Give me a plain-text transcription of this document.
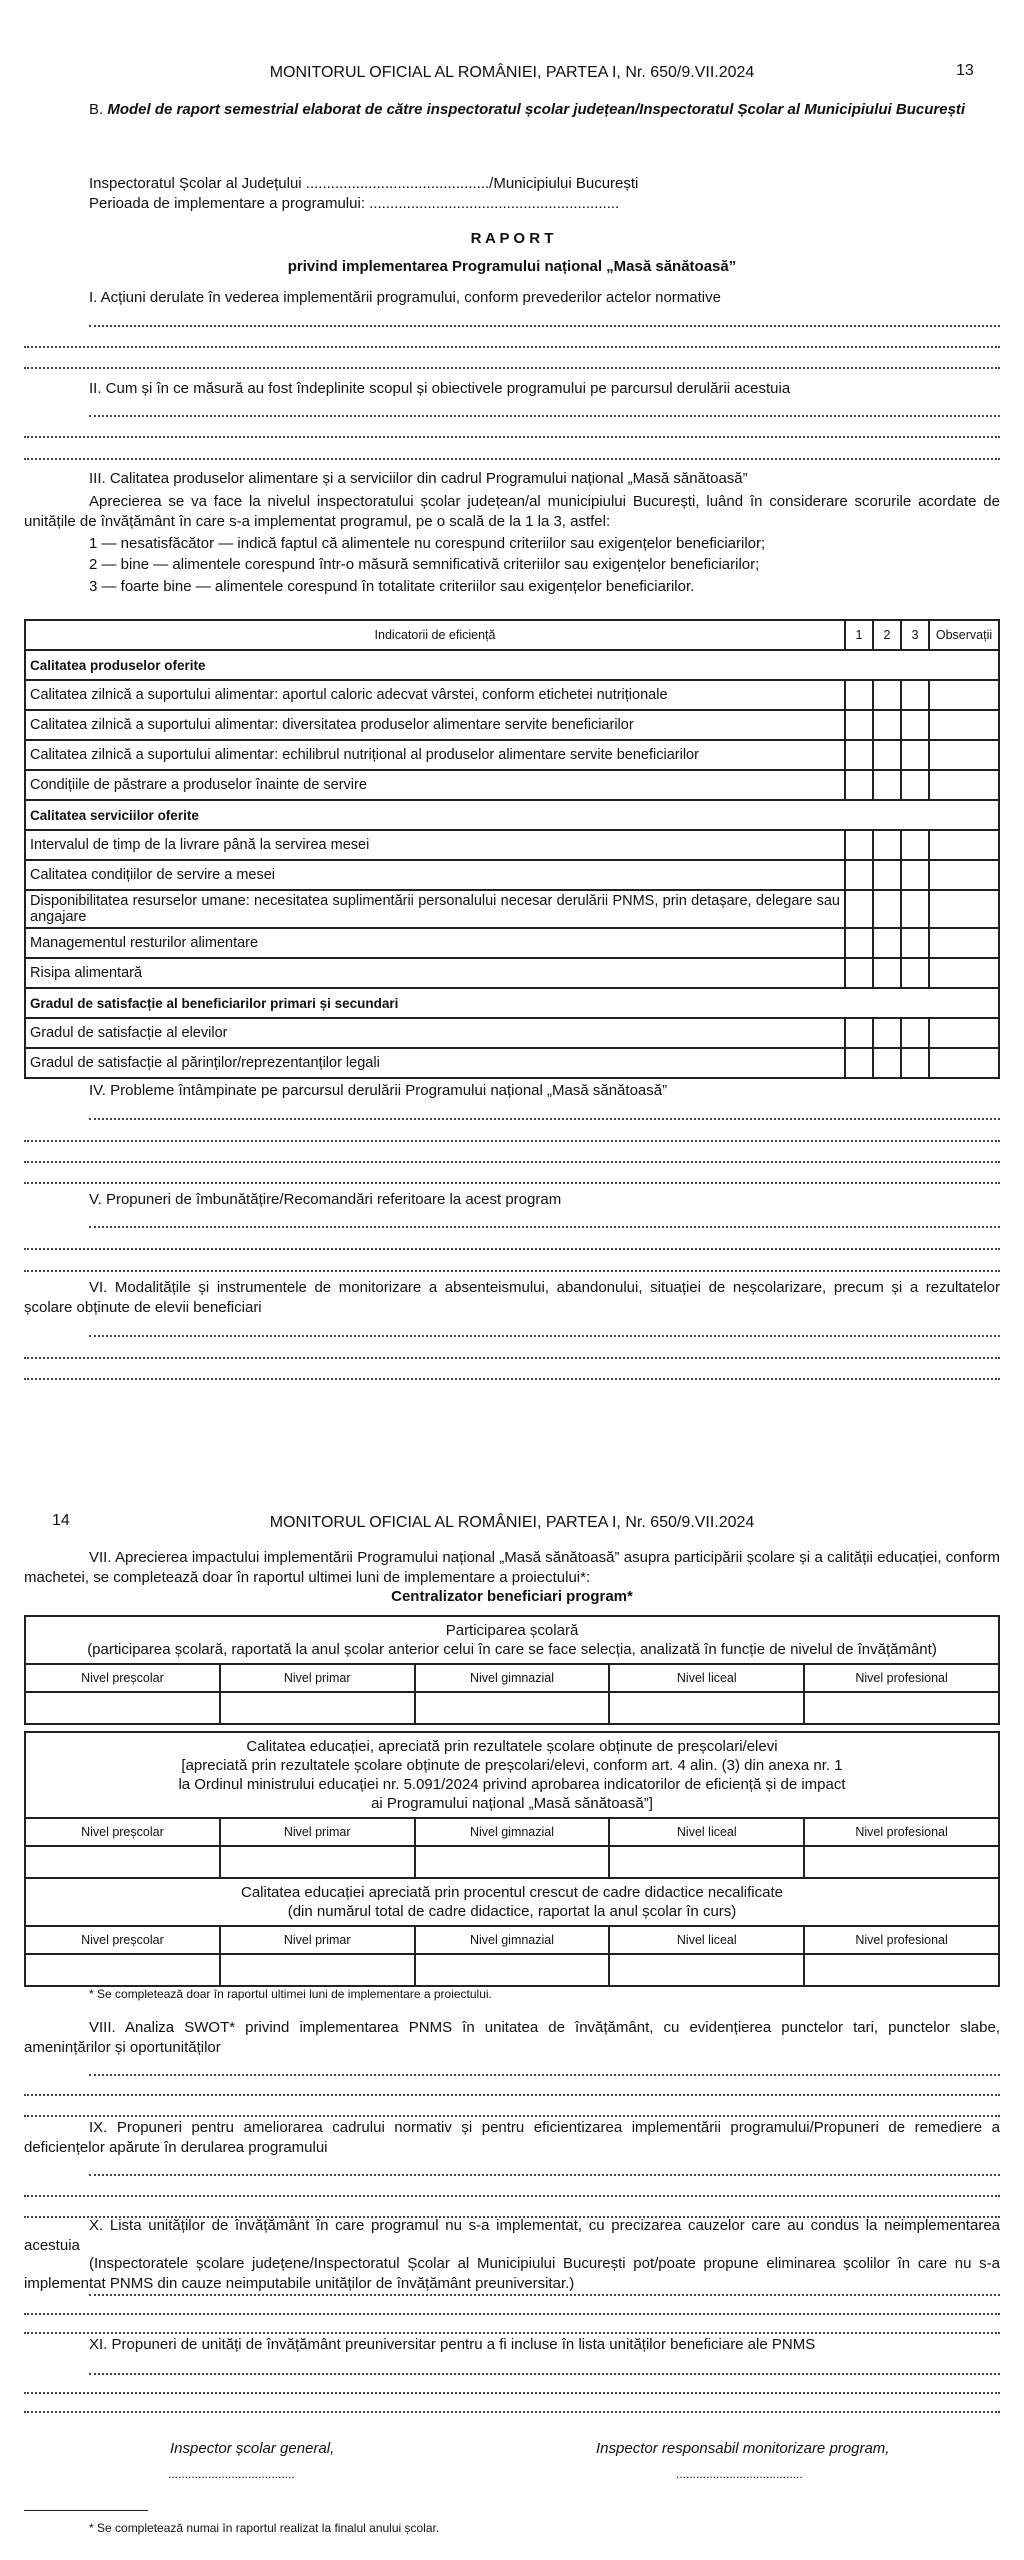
MONITORUL OFICIAL AL ROMÂNIEI, PARTEA I, Nr. 650/9.VII.2024	13
B. Model de raport semestrial elaborat de către inspectoratul școlar județean/Inspectoratul Școlar al Municipiului București
Inspectoratul Școlar al Județului ............................................/Municipiului București
Perioada de implementare a programului: ............................................................
R A P O R T
privind implementarea Programului național „Masă sănătoasă”
I. Acțiuni derulate în vederea implementării programului, conform prevederilor actelor normative
II. Cum și în ce măsură au fost îndeplinite scopul și obiectivele programului pe parcursul derulării acestuia
III. Calitatea produselor alimentare și a serviciilor din cadrul Programului național „Masă sănătoasă”
Aprecierea se va face la nivelul inspectoratului școlar județean/al municipiului București, luând în considerare scorurile acordate de unitățile de învățământ în care s-a implementat programul, pe o scală de la 1 la 3, astfel:
1 — nesatisfăcător — indică faptul că alimentele nu corespund criteriilor sau exigențelor beneficiarilor;
2 — bine — alimentele corespund într-o măsură semnificativă criteriilor sau exigențelor beneficiarilor;
3 — foarte bine — alimentele corespund în totalitate criteriilor sau exigențelor beneficiarilor.
Indicatorii de eficiență	1	2	3	Observații
Calitatea produselor oferite				
Calitatea zilnică a suportului alimentar: aportul caloric adecvat vârstei, conform etichetei nutriționale				
Calitatea zilnică a suportului alimentar: diversitatea produselor alimentare servite beneficiarilor				
Calitatea zilnică a suportului alimentar: echilibrul nutrițional al produselor alimentare servite beneficiarilor				
Condițiile de păstrare a produselor înainte de servire				
Calitatea serviciilor oferite				
Intervalul de timp de la livrare până la servirea mesei				
Calitatea condițiilor de servire a mesei				
Disponibilitatea resurselor umane: necesitatea suplimentării personalului necesar derulării PNMS, prin detașare, delegare sau angajare				
Managementul resturilor alimentare				
Risipa alimentară				
Gradul de satisfacție al beneficiarilor primari și secundari				
Gradul de satisfacție al elevilor				
Gradul de satisfacție al părinților/reprezentanților legali				
IV. Probleme întâmpinate pe parcursul derulării Programului național „Masă sănătoasă”
V. Propuneri de îmbunătățire/Recomandări referitoare la acest program
VI. Modalitățile și instrumentele de monitorizare a absenteismului, abandonului, situației de neșcolarizare, precum și a rezultatelor școlare obținute de elevii beneficiari
14	MONITORUL OFICIAL AL ROMÂNIEI, PARTEA I, Nr. 650/9.VII.2024
VII. Aprecierea impactului implementării Programului național „Masă sănătoasă” asupra participării școlare și a calității educației, conform machetei, se completează doar în raportul ultimei luni de implementare a proiectului*:
Centralizator beneficiari program*
Participarea școlară
(participarea școlară, raportată la anul școlar anterior celui în care se face selecția, analizată în funcție de nivelul de învățământ)				

Nivel preșcolar	Nivel primar	Nivel gimnazial	Nivel liceal	Nivel profesional

Calitatea educației, apreciată prin rezultatele școlare obținute de preșcolari/elevi
[apreciată prin rezultatele școlare obținute de preșcolari/elevi, conform art. 4 alin. (3) din anexa nr. 1
la Ordinul ministrului educației nr. 5.091/2024 privind aprobarea indicatorilor de eficiență și de impact
ai Programului național „Masă sănătoasă”]				

Nivel preșcolar	Nivel primar	Nivel gimnazial	Nivel liceal	Nivel profesional

Calitatea educației apreciată prin procentul crescut de cadre didactice necalificate
(din numărul total de cadre didactice, raportat la anul școlar în curs)				

Nivel preșcolar	Nivel primar	Nivel gimnazial	Nivel liceal	Nivel profesional

* Se completează doar în raportul ultimei luni de implementare a proiectului.
VIII. Analiza SWOT* privind implementarea PNMS în unitatea de învățământ, cu evidențierea punctelor tari, punctelor slabe, amenințărilor și oportunităților
IX. Propuneri pentru ameliorarea cadrului normativ și pentru eficientizarea implementării programului/Propuneri de remediere a deficiențelor apărute în derularea programului
X. Lista unităților de învățământ în care programul nu s-a implementat, cu precizarea cauzelor care au condus la neimplementarea acestuia
(Inspectoratele școlare județene/Inspectoratul Școlar al Municipiului București pot/poate propune eliminarea școlilor în care nu s-a implementat PNMS din cauze neimputabile unităților de învățământ preuniversitar.)
XI. Propuneri de unități de învățământ preuniversitar pentru a fi incluse în lista unităților beneficiare ale PNMS
Inspector școlar general,	Inspector responsabil monitorizare program,
......................................	......................................
* Se completează numai în raportul realizat la finalul anului școlar.
